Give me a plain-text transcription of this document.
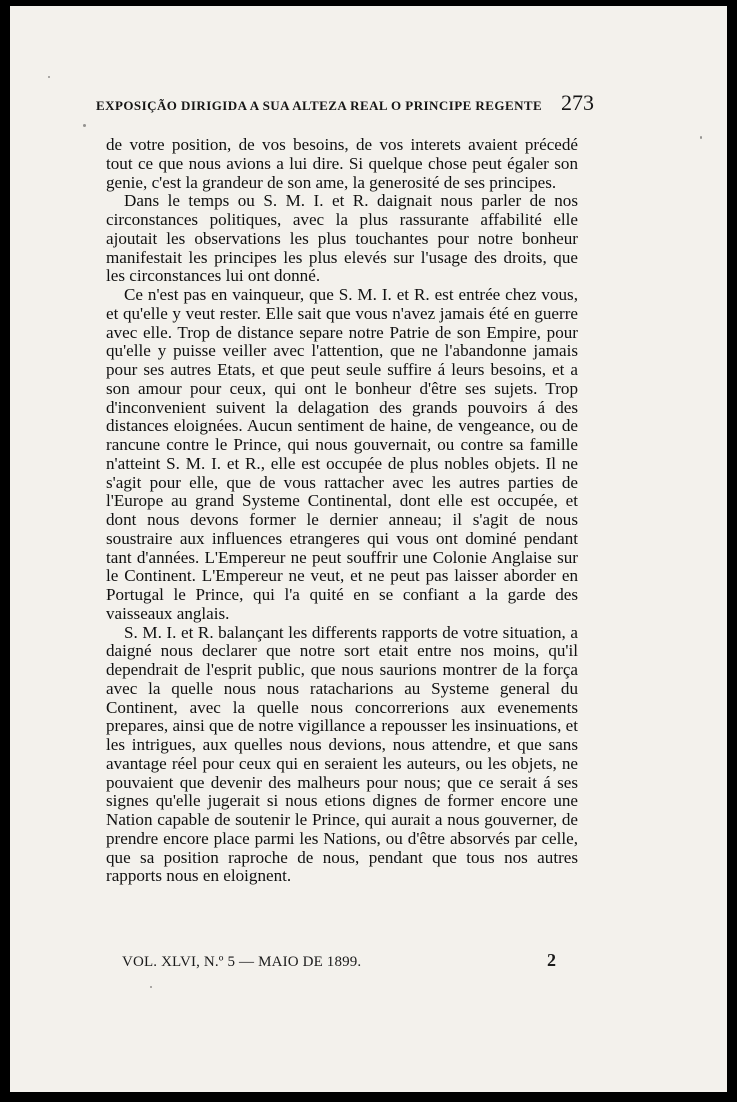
EXPOSIÇÃO DIRIGIDA A SUA ALTEZA REAL O PRINCIPE REGENTE 273

de votre position, de vos besoins, de vos interets avaient précedé tout ce que nous avions a lui dire. Si quelque chose peut égaler son genie, c'est la grandeur de son ame, la generosité de ses principes.

Dans le temps ou S. M. I. et R. daignait nous parler de nos circonstances politiques, avec la plus rassurante affabilité elle ajoutait les observations les plus touchantes pour notre bonheur manifestait les principes les plus elevés sur l'usage des droits, que les circonstances lui ont donné.

Ce n'est pas en vainqueur, que S. M. I. et R. est entrée chez vous, et qu'elle y veut rester. Elle sait que vous n'avez jamais été en guerre avec elle. Trop de distance separe notre Patrie de son Empire, pour qu'elle y puisse veiller avec l'attention, que ne l'abandonne jamais pour ses autres Etats, et que peut seule suffire á leurs besoins, et a son amour pour ceux, qui ont le bonheur d'être ses sujets. Trop d'inconvenient suivent la delagation des grands pouvoirs á des distances eloignées. Aucun sentiment de haine, de vengeance, ou de rancune contre le Prince, qui nous gouvernait, ou contre sa famille n'atteint S. M. I. et R., elle est occupée de plus nobles objets. Il ne s'agit pour elle, que de vous rattacher avec les autres parties de l'Europe au grand Systeme Continental, dont elle est occupée, et dont nous devons former le dernier anneau; il s'agit de nous soustraire aux influences etrangeres qui vous ont dominé pendant tant d'années. L'Empereur ne peut souffrir une Colonie Anglaise sur le Continent. L'Empereur ne veut, et ne peut pas laisser aborder en Portugal le Prince, qui l'a quité en se confiant a la garde des vaisseaux anglais.

S. M. I. et R. balançant les differents rapports de votre situation, a daigné nous declarer que notre sort etait entre nos moins, qu'il dependrait de l'esprit public, que nous saurions montrer de la força avec la quelle nous nous ratacharions au Systeme general du Continent, avec la quelle nous concorrerions aux evenements prepares, ainsi que de notre vigillance a repousser les insinuations, et les intrigues, aux quelles nous devions, nous attendre, et que sans avantage réel pour ceux qui en seraient les auteurs, ou les objets, ne pouvaient que devenir des malheurs pour nous; que ce serait á ses signes qu'elle jugerait si nous etions dignes de former encore une Nation capable de soutenir le Prince, qui aurait a nous gouverner, de prendre encore place parmi les Nations, ou d'être absorvés par celle, que sa position raproche de nous, pendant que tous nos autres rapports nous en eloignent.

VOL. XLVI, N.º 5 — MAIO DE 1899.	2
